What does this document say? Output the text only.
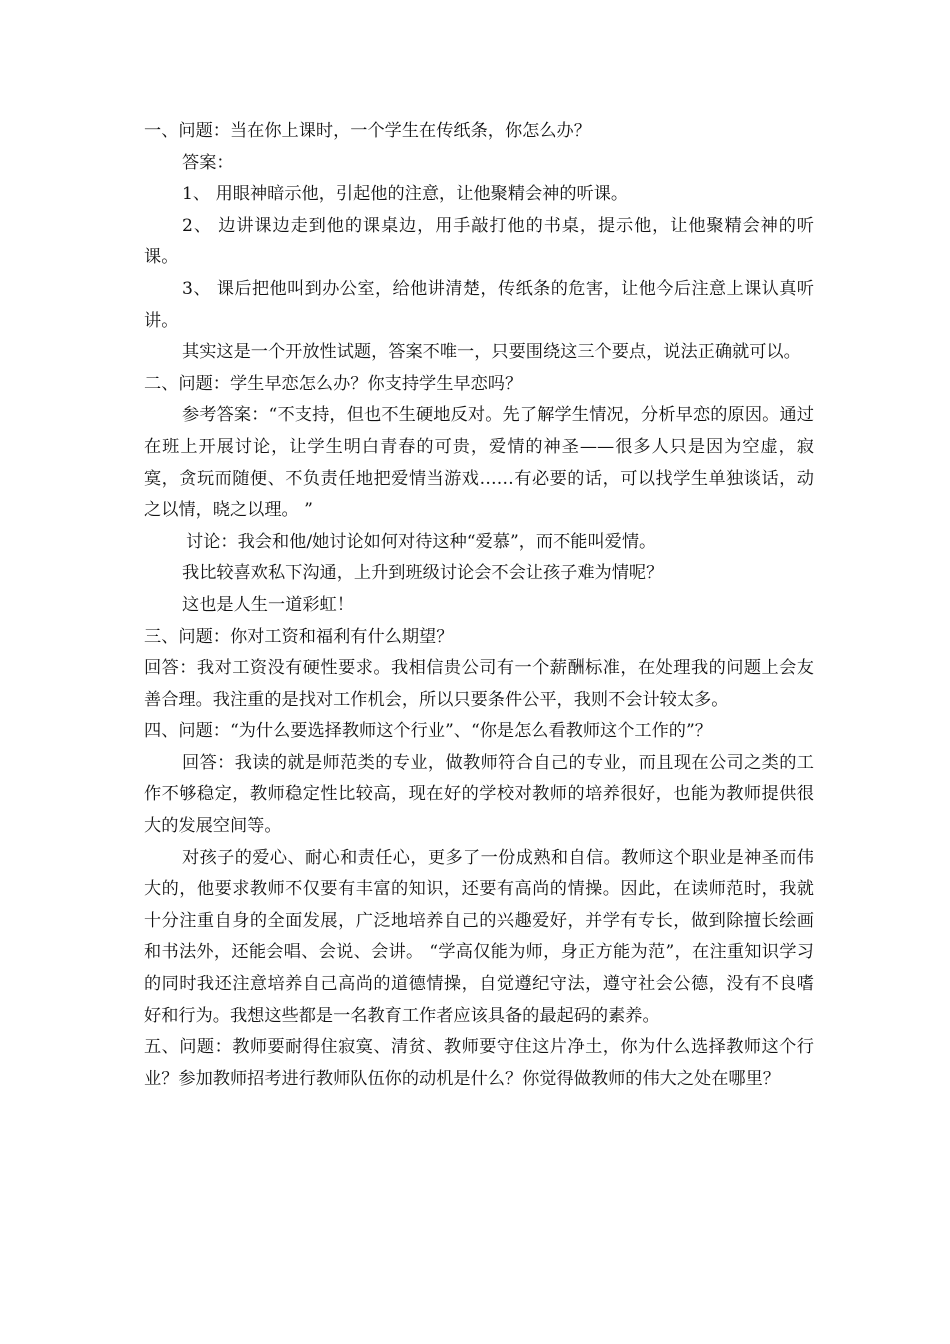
一、问题：当在你上课时，一个学生在传纸条，你怎么办？

答案：

1、 用眼神暗示他，引起他的注意，让他聚精会神的听课。

2、 边讲课边走到他的课桌边，用手敲打他的书桌，提示他，让他聚精会神的听课。

3、 课后把他叫到办公室，给他讲清楚，传纸条的危害，让他今后注意上课认真听讲。

其实这是一个开放性试题，答案不唯一，只要围绕这三个要点，说法正确就可以。

二、问题：学生早恋怎么办？你支持学生早恋吗？

参考答案：“不支持，但也不生硬地反对。先了解学生情况，分析早恋的原因。通过在班上开展讨论，让学生明白青春的可贵，爱情的神圣——很多人只是因为空虚，寂寞，贪玩而随便、不负责任地把爱情当游戏……有必要的话，可以找学生单独谈话，动之以情，晓之以理。 ”

讨论：我会和他/她讨论如何对待这种“爱慕”，而不能叫爱情。

我比较喜欢私下沟通，上升到班级讨论会不会让孩子难为情呢？

这也是人生一道彩虹！

三、问题：你对工资和福利有什么期望？

回答：我对工资没有硬性要求。我相信贵公司有一个薪酬标准，在处理我的问题上会友善合理。我注重的是找对工作机会，所以只要条件公平，我则不会计较太多。

四、问题：“为什么要选择教师这个行业”、“你是怎么看教师这个工作的”？

回答：我读的就是师范类的专业，做教师符合自己的专业，而且现在公司之类的工作不够稳定，教师稳定性比较高，现在好的学校对教师的培养很好，也能为教师提供很大的发展空间等。

对孩子的爱心、耐心和责任心，更多了一份成熟和自信。教师这个职业是神圣而伟大的，他要求教师不仅要有丰富的知识，还要有高尚的情操。因此，在读师范时，我就十分注重自身的全面发展，广泛地培养自己的兴趣爱好，并学有专长，做到除擅长绘画和书法外，还能会唱、会说、会讲。 “学高仅能为师，身正方能为范”，在注重知识学习的同时我还注意培养自己高尚的道德情操，自觉遵纪守法，遵守社会公德，没有不良嗜好和行为。我想这些都是一名教育工作者应该具备的最起码的素养。

五、问题：教师要耐得住寂寞、清贫、教师要守住这片净土，你为什么选择教师这个行业？参加教师招考进行教师队伍你的动机是什么？你觉得做教师的伟大之处在哪里？
